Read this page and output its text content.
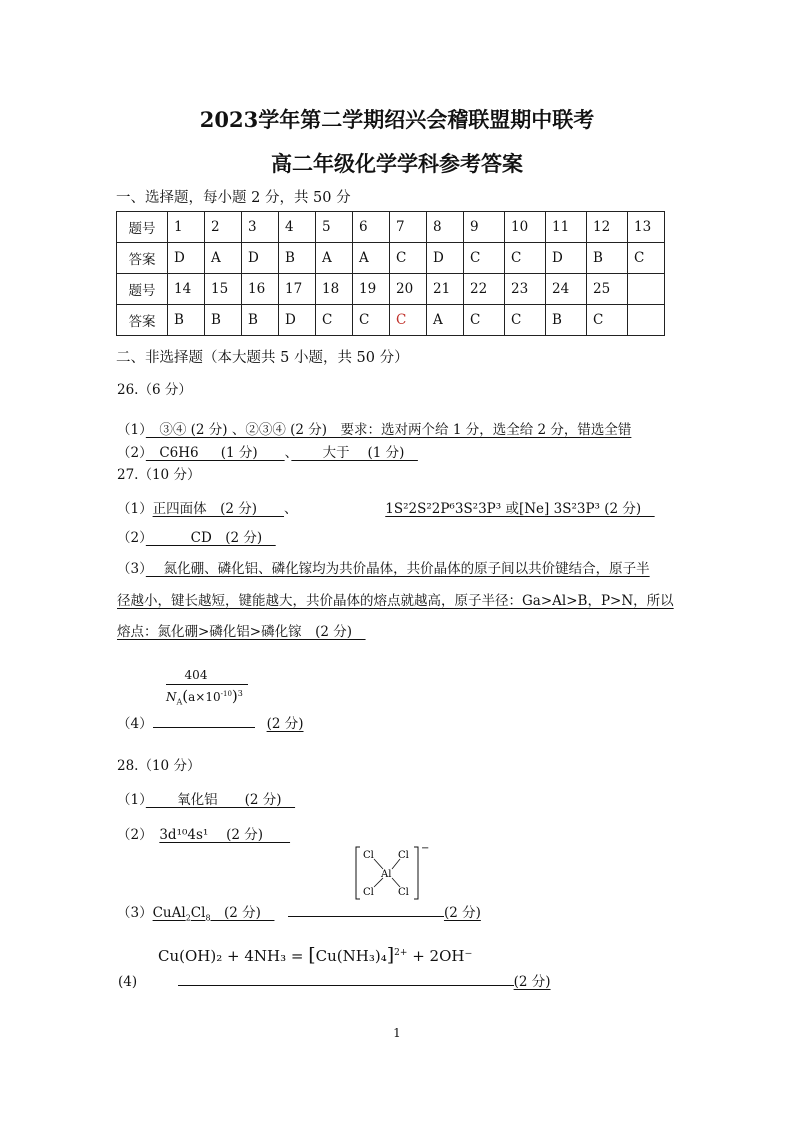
2023学年第二学期绍兴会稽联盟期中联考
高二年级化学学科参考答案
一、选择题，每小题 2 分，共 50 分
题号	1	2	3	4	5	6	7	8	9	10	11	12	13
答案	D	A	D	B	A	A	C	D	C	C	D	B	C
题号	14	15	16	17	18	19	20	21	22	23	24	25	
答案	B	B	B	D	C	C	C	A	C	C	B	C	
二、非选择题（本大题共 5 小题，共 50 分）
26.（6 分）
（1）　③④ (2 分) 、②③④ (2 分)　要求：选对两个给 1 分，选全给 2 分，错选全错
（2）　C6H6 　 (1 分)　　、　　 大于　 (1 分)　
27.（10 分）
（1）正四面体　(2 分)　　、　　　　　　　	1S²2S²2P⁶3S²3P³ 或[Ne] 3S²3P³ (2 分)　
（2）　　　 CD　(2 分)　
（3）　 氮化硼、磷化铝、磷化镓均为共价晶体，共价晶体的原子间以共价键结合，原子半
径越小，键长越短，键能越大，共价晶体的熔点就越高，原子半径：Ga>Al>B，P>N，所以
熔点：氮化硼>磷化铝>磷化镓　(2 分)　
404
$N_A(a\times 10^{-10})^3$
（4）	(2 分)
28.（10 分）
（1）　　 氧化铝　　(2 分)　
（2）　 3d¹⁰4s¹　 (2 分)　　
Cl Cl
Cl Cl
Al
−
$(3)CuAl_2Cl_8$　(2 分)　　	(2 分)
$Cu(OH)_2 + 4NH_3 = [Cu(NH_3)_4]^{2+} + 2OH^-$
(4)　　　	(2 分)
1
